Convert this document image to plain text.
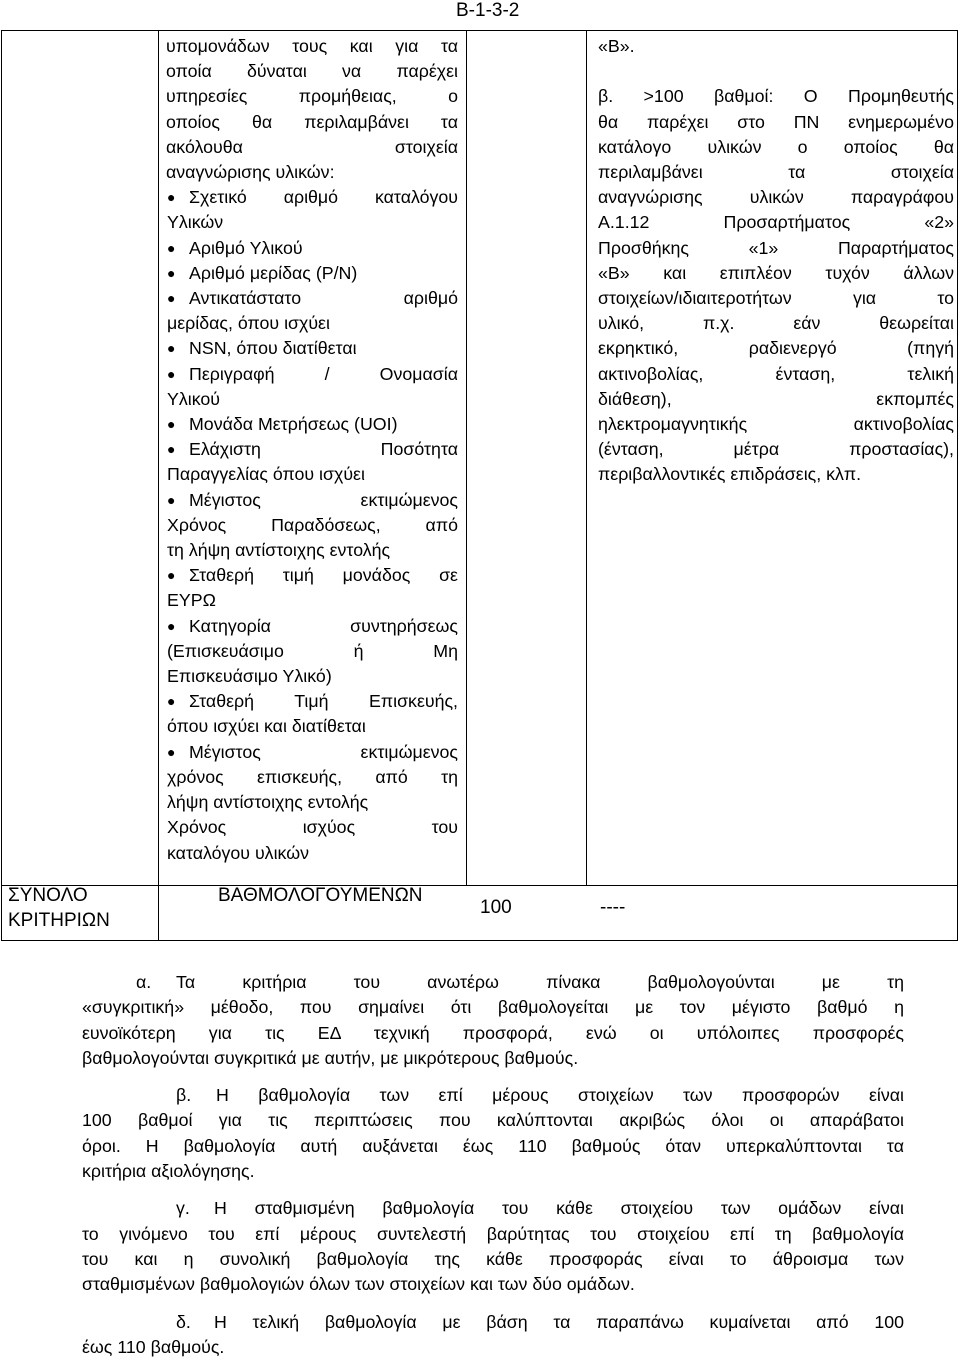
B-1-3-2
υπομονάδων τους και για τα
οποία δύναται να παρέχει
υπηρεσίες προμήθειας, ο
οποίος θα περιλαμβάνει τα
ακόλουθα στοιχεία
αναγνώρισης υλικών:
● Σχετικό αριθμό καταλόγου
Υλικών
● Αριθμό Υλικού
● Αριθμό μερίδας (P/N)
● Αντικατάστατο αριθμό
μερίδας, όπου ισχύει
● NSN, όπου διατίθεται
● Περιγραφή / Ονομασία
Υλικού
● Μονάδα Μετρήσεως (UOI)
● Ελάχιστη Ποσότητα
Παραγγελίας όπου ισχύει
● Μέγιστος εκτιμώμενος
Χρόνος Παραδόσεως, από
τη λήψη αντίστοιχης εντολής
● Σταθερή τιμή μονάδος σε
ΕΥΡΩ
● Κατηγορία συντηρήσεως
(Επισκευάσιμο ή Μη
Επισκευάσιμο Υλικό)
● Σταθερή Τιμή Επισκευής,
όπου ισχύει και διατίθεται
● Μέγιστος εκτιμώμενος
χρόνος επισκευής, από τη
λήψη αντίστοιχης εντολής
Χρόνος ισχύος του
καταλόγου υλικών
«Β».

β. >100 βαθμοί: Ο Προμηθευτής
θα παρέχει στο ΠΝ ενημερωμένο
κατάλογο υλικών ο οποίος θα
περιλαμβάνει τα στοιχεία
αναγνώρισης υλικών παραγράφου
Α.1.12 Προσαρτήματος «2»
Προσθήκης «1» Παραρτήματος
«Β» και επιπλέον τυχόν άλλων
στοιχείων/ιδιαιτεροτήτων για το
υλικό, π.χ. εάν θεωρείται
εκρηκτικό, ραδιενεργό (πηγή
ακτινοβολίας, ένταση, τελική
διάθεση), εκπομπές
ηλεκτρομαγνητικής ακτινοβολίας
(ένταση, μέτρα προστασίας),
περιβαλλοντικές επιδράσεις, κλπ.
ΣΥΝΟΛΟ
ΚΡΙΤΗΡΙΩΝ
ΒΑΘΜΟΛΟΓΟΥΜΕΝΩΝ
100	----
α. Τα κριτήρια του ανωτέρω πίνακα βαθμολογούνται με τη
«συγκριτική» μέθοδο, που σημαίνει ότι βαθμολογείται με τον μέγιστο βαθμό η
ευνοϊκότερη για τις ΕΔ τεχνική προσφορά, ενώ οι υπόλοιπες προσφορές
βαθμολογούνται συγκριτικά με αυτήν, με μικρότερους βαθμούς.
β. Η βαθμολογία των επί μέρους στοιχείων των προσφορών είναι
100 βαθμοί για τις περιπτώσεις που καλύπτονται ακριβώς όλοι οι απαράβατοι
όροι. Η βαθμολογία αυτή αυξάνεται έως 110 βαθμούς όταν υπερκαλύπτονται τα
κριτήρια αξιολόγησης.
γ. Η σταθμισμένη βαθμολογία του κάθε στοιχείου των ομάδων είναι
το γινόμενο του επί μέρους συντελεστή βαρύτητας του στοιχείου επί τη βαθμολογία
του και η συνολική βαθμολογία της κάθε προσφοράς είναι το άθροισμα των
σταθμισμένων βαθμολογιών όλων των στοιχείων και των δύο ομάδων.
δ. Η τελική βαθμολογία με βάση τα παραπάνω κυμαίνεται από 100
έως 110 βαθμούς.
